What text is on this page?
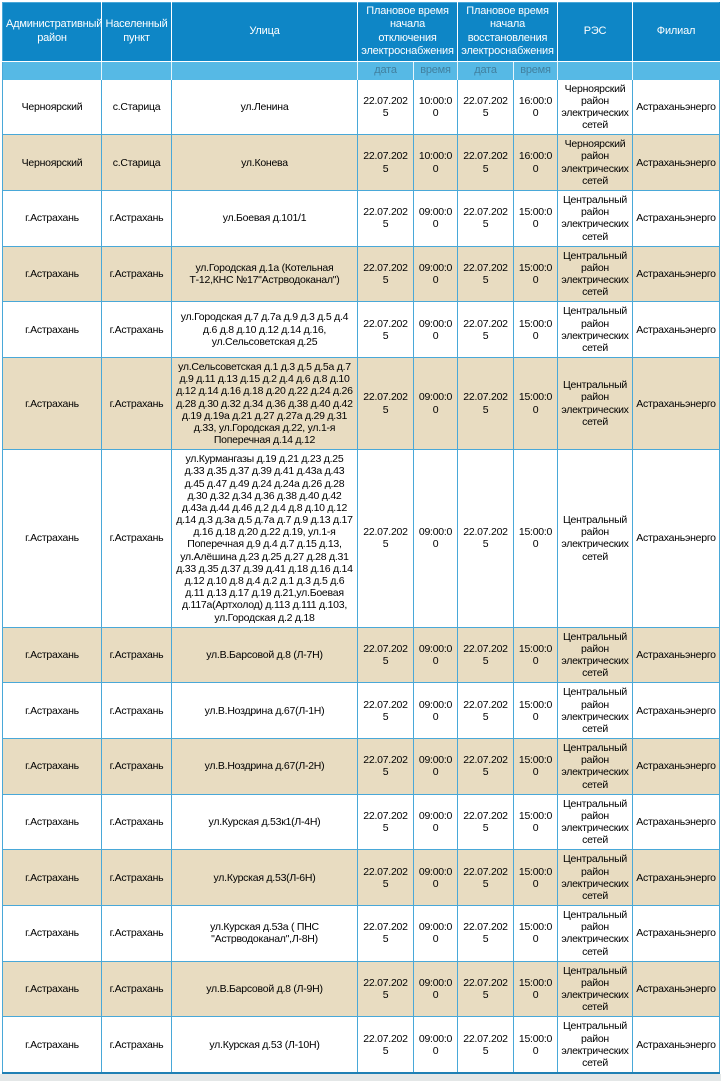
Административный район	Населенный пункт	Улица	Плановое время начала отключения электроснабжения		Плановое время начала восстановления электроснабжения		РЭС	Филиал
			дата	время	дата	время		
Черноярский	с.Старица	ул.Ленина	22.07.2025	10:00:00	22.07.2025	16:00:00	Черноярский район электрических сетей	Астраханьэнерго
Черноярский	с.Старица	ул.Конева	22.07.2025	10:00:00	22.07.2025	16:00:00	Черноярский район электрических сетей	Астраханьэнерго
г.Астрахань	г.Астрахань	ул.Боевая д.101/1	22.07.2025	09:00:00	22.07.2025	15:00:00	Центральный район электрических сетей	Астраханьэнерго
г.Астрахань	г.Астрахань	ул.Городская д.1а (Котельная Т-12,КНС №17"Астрводоканал")	22.07.2025	09:00:00	22.07.2025	15:00:00	Центральный район электрических сетей	Астраханьэнерго
г.Астрахань	г.Астрахань	ул.Городская д.7 д.7а д.9 д.3 д.5 д.4 д.6 д.8 д.10 д.12 д.14 д.16, ул.Сельсоветская д.25	22.07.2025	09:00:00	22.07.2025	15:00:00	Центральный район электрических сетей	Астраханьэнерго
г.Астрахань	г.Астрахань	ул.Сельсоветская д.1 д.3 д.5 д.5а д.7 д.9 д.11 д.13 д.15 д.2 д.4 д.6 д.8 д.10 д.12 д.14 д.16 д.18 д.20 д.22 д.24 д.26 д.28 д.30 д.32 д.34 д.36 д.38 д.40 д.42 д.19 д.19а д.21 д.27 д.27а д.29 д.31 д.33, ул.Городская д.22, ул.1-я Поперечная д.14 д.12	22.07.2025	09:00:00	22.07.2025	15:00:00	Центральный район электрических сетей	Астраханьэнерго
г.Астрахань	г.Астрахань	ул.Курмангазы д.19 д.21 д.23 д.25 д.33 д.35 д.37 д.39 д.41 д.43а д.43 д.45 д.47 д.49 д.24 д.24а д.26 д.28 д.30 д.32 д.34 д.36 д.38 д.40 д.42 д.43а д.44 д.46 д.2 д.4 д.8 д.10 д.12 д.14 д.3 д.3а д.5 д.7а д.7 д.9 д.13 д.17 д.16 д.18 д.20 д.22 д.19, ул.1-я Поперечная д.9 д.4 д.7 д.15 д.13, ул.Алёшина д.23 д.25 д.27 д.28 д.31 д.33 д.35 д.37 д.39 д.41 д.18 д.16 д.14 д.12 д.10 д.8 д.4 д.2 д.1 д.3 д.5 д.6 д.11 д.13 д.17 д.19 д.21,ул.Боевая д.117а(Артхолод) д.113 д.111 д.103, ул.Городская д.2 д.18	22.07.2025	09:00:00	22.07.2025	15:00:00	Центральный район электрических сетей	Астраханьэнерго
г.Астрахань	г.Астрахань	ул.В.Барсовой д.8 (Л-7Н)	22.07.2025	09:00:00	22.07.2025	15:00:00	Центральный район электрических сетей	Астраханьэнерго
г.Астрахань	г.Астрахань	ул.В.Ноздрина д.67(Л-1Н)	22.07.2025	09:00:00	22.07.2025	15:00:00	Центральный район электрических сетей	Астраханьэнерго
г.Астрахань	г.Астрахань	ул.В.Ноздрина д.67(Л-2Н)	22.07.2025	09:00:00	22.07.2025	15:00:00	Центральный район электрических сетей	Астраханьэнерго
г.Астрахань	г.Астрахань	ул.Курская д.53к1(Л-4Н)	22.07.2025	09:00:00	22.07.2025	15:00:00	Центральный район электрических сетей	Астраханьэнерго
г.Астрахань	г.Астрахань	ул.Курская д.53(Л-6Н)	22.07.2025	09:00:00	22.07.2025	15:00:00	Центральный район электрических сетей	Астраханьэнерго
г.Астрахань	г.Астрахань	ул.Курская д.53а ( ПНС "Астрводоканал",Л-8Н)	22.07.2025	09:00:00	22.07.2025	15:00:00	Центральный район электрических сетей	Астраханьэнерго
г.Астрахань	г.Астрахань	ул.В.Барсовой д.8 (Л-9Н)	22.07.2025	09:00:00	22.07.2025	15:00:00	Центральный район электрических сетей	Астраханьэнерго
г.Астрахань	г.Астрахань	ул.Курская д.53 (Л-10Н)	22.07.2025	09:00:00	22.07.2025	15:00:00	Центральный район электрических сетей	Астраханьэнерго
